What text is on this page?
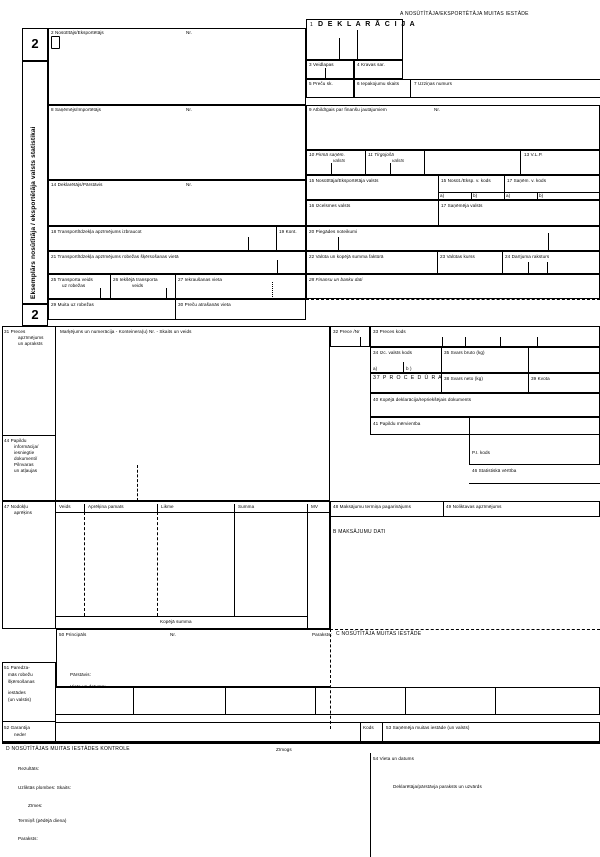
A NOSŪTĪTĀJA/EKSPORTĒTĀJA MUITAS IESTĀDE
1 D E K L A R Ā C I J A
3 Veidlapas	4 Kravas sar.
5 Preču sk.	6 Iepakojumu skaits	7 Uzziņas numurs
2
Eksemplārs nosūtītāja / eksportētāja valsts statistikai
2
2 Nosūtītājs/Eksportētājs	Nr.
8 Saņēmējs/Importētājs	Nr.	9 Atbildīgais par finanšu jautājumiem	Nr.
10 Pirmā saņēm.
valsts
11 Tirgojošā
valsts
13 V.L.P.
14 Deklarētājs/Pārstāvis	Nr.
15 Nosūtītāja/Eksportētāja valsts	15 Nosūt./Eksp. v. kods	17 Saņēm. v. kods
a)	b)	a)	b)
16 Izcelsmes valsts	17 Saņēmēja valsts
18 Transportlīdzekļa apzīmējums izbraucot	19 Kont.	20 Piegādes noteikumi
21 Transportlīdzekļa apzīmējums robežas šķērsošanas vietā	22 Valūta un kopējā summa faktūrā	23 Valūtas kurss	24 Darījuma raksturs
25 Transporta veids
uz robežas
26 Iekšējā transporta
veids
27 Iekraušanas vieta	28 Finansu un banku dati
29 Muita uz robežas	30 Preču atrašanās vieta
31 Preces
apzīmējums
un apraksts
Marķējums un numerācija - Konteinera(u) Nr. - Skaits un veids	32 Prece /Nr	33 Preces kods
34 Izc. valsts kods
a)	b )
35 Svars bruto (kg)
37 P R O C E D Ū R A 38 Svars neto (kg)	39 Kvota
40 Kopējā deklarācija/Iepriekšējais dokuments
41 Papildu mērvienība
44 Papildu
informācija/
iesniegtie
dokumenti/
Pilnvaras
un atļaujas
P.I. kods
46 Statistiskā vērtība
47 Nodokļu
aprēķins
Veids	Aprēķina pamats	Likme	Summa	MV
Kopējā summa
48 Maksājumu termiņa pagarinājums	49 Noliktavas apzīmējums
B MAKSĀJUMU DATI
50 Principāls	Nr.	Paraksts:
Pārstāvis:
Vieta un datums:
C NOSŪTĪTĀJA MUITAS IESTĀDE
51 Paredza-
mās robežu
šķērsošanas
iestādes
(un valstis)
52 Garantija
neder
Kods	53 Saņēmēja muitas iestāde (un valsts)
D NOSŪTĪTĀJAS MUITAS IESTĀDES KONTROLE	Zīmogs
Rezultāts:
Uzliktās plombes: Skaits:
Zīmes:
Termiņš (pēdējā diena)
Paraksts:
54 Vieta un datums
Deklarētāja/pārstāvja paraksts un uzvārds
